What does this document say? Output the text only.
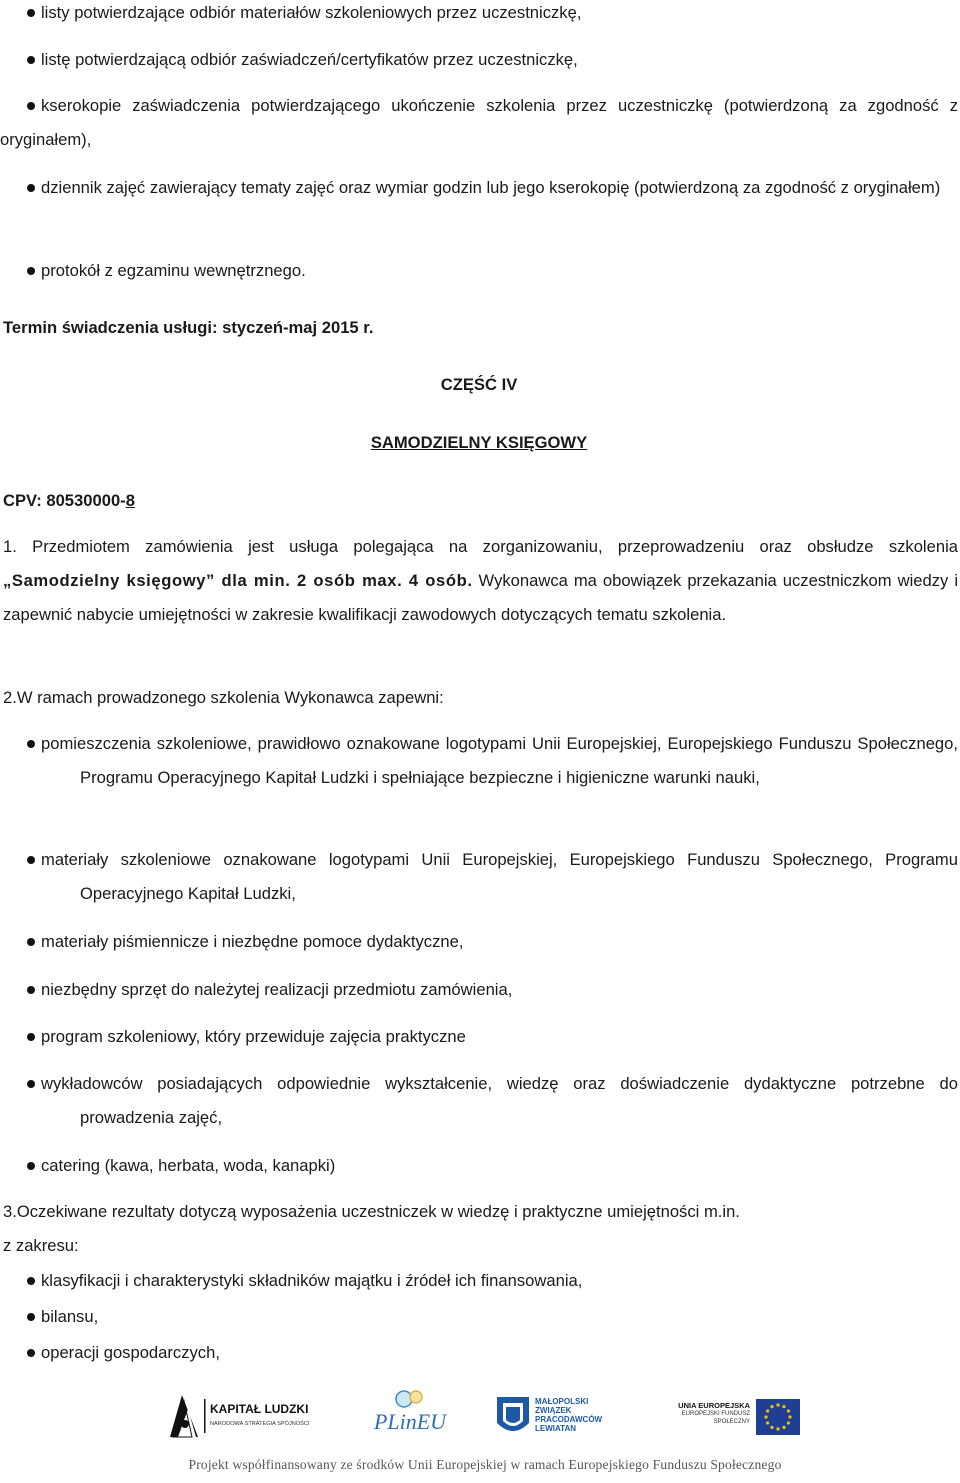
listy potwierdzające odbiór materiałów szkoleniowych przez uczestniczkę,
listę potwierdzającą odbiór zaświadczeń/certyfikatów przez uczestniczkę,
kserokopie zaświadczenia potwierdzającego ukończenie szkolenia przez uczestniczkę (potwierdzoną za zgodność z oryginałem),
dziennik zajęć zawierający tematy zajęć oraz wymiar godzin lub jego kserokopię (potwierdzoną za zgodność z oryginałem)
protokół z egzaminu wewnętrznego.

Termin świadczenia usługi: styczeń-maj 2015 r.

CZĘŚĆ IV

SAMODZIELNY KSIĘGOWY

CPV: 80530000-8

1. Przedmiotem zamówienia jest usługa polegająca na zorganizowaniu, przeprowadzeniu oraz obsłudze szkolenia „Samodzielny księgowy” dla min. 2 osób max. 4 osób. Wykonawca ma obowiązek przekazania uczestniczkom wiedzy i zapewnić nabycie umiejętności w zakresie kwalifikacji zawodowych dotyczących tematu szkolenia.

2.W ramach prowadzonego szkolenia Wykonawca zapewni:

pomieszczenia szkoleniowe, prawidłowo oznakowane logotypami Unii Europejskiej, Europejskiego Funduszu Społecznego, Programu Operacyjnego Kapitał Ludzki i spełniające bezpieczne i higieniczne warunki nauki,
materiały szkoleniowe oznakowane logotypami Unii Europejskiej, Europejskiego Funduszu Społecznego, Programu Operacyjnego Kapitał Ludzki,
materiały piśmiennicze i niezbędne pomoce dydaktyczne,
niezbędny sprzęt do należytej realizacji przedmiotu zamówienia,
program szkoleniowy, który przewiduje zajęcia praktyczne
wykładowców posiadających odpowiednie wykształcenie, wiedzę oraz doświadczenie dydaktyczne potrzebne do prowadzenia zajęć,
catering (kawa, herbata, woda, kanapki)

3.Oczekiwane rezultaty dotyczą wyposażenia uczestniczek w wiedzę i praktyczne umiejętności m.in.

z zakresu:

klasyfikacji i charakterystyki składników majątku i źródeł ich finansowania,
bilansu,
operacji gospodarczych,
KAPITAŁ LUDZKI
NARODOWA STRATEGIA SPÓJNOŚCI	PLinEU
MAŁOPOLSKI ZWIĄZEK PRACODAWCÓW LEWIATAN
UNIA EUROPEJSKA
EUROPEJSKI FUNDUSZ SPOŁECZNY
Projekt współfinansowany ze środków Unii Europejskiej w ramach Europejskiego Funduszu Społecznego
